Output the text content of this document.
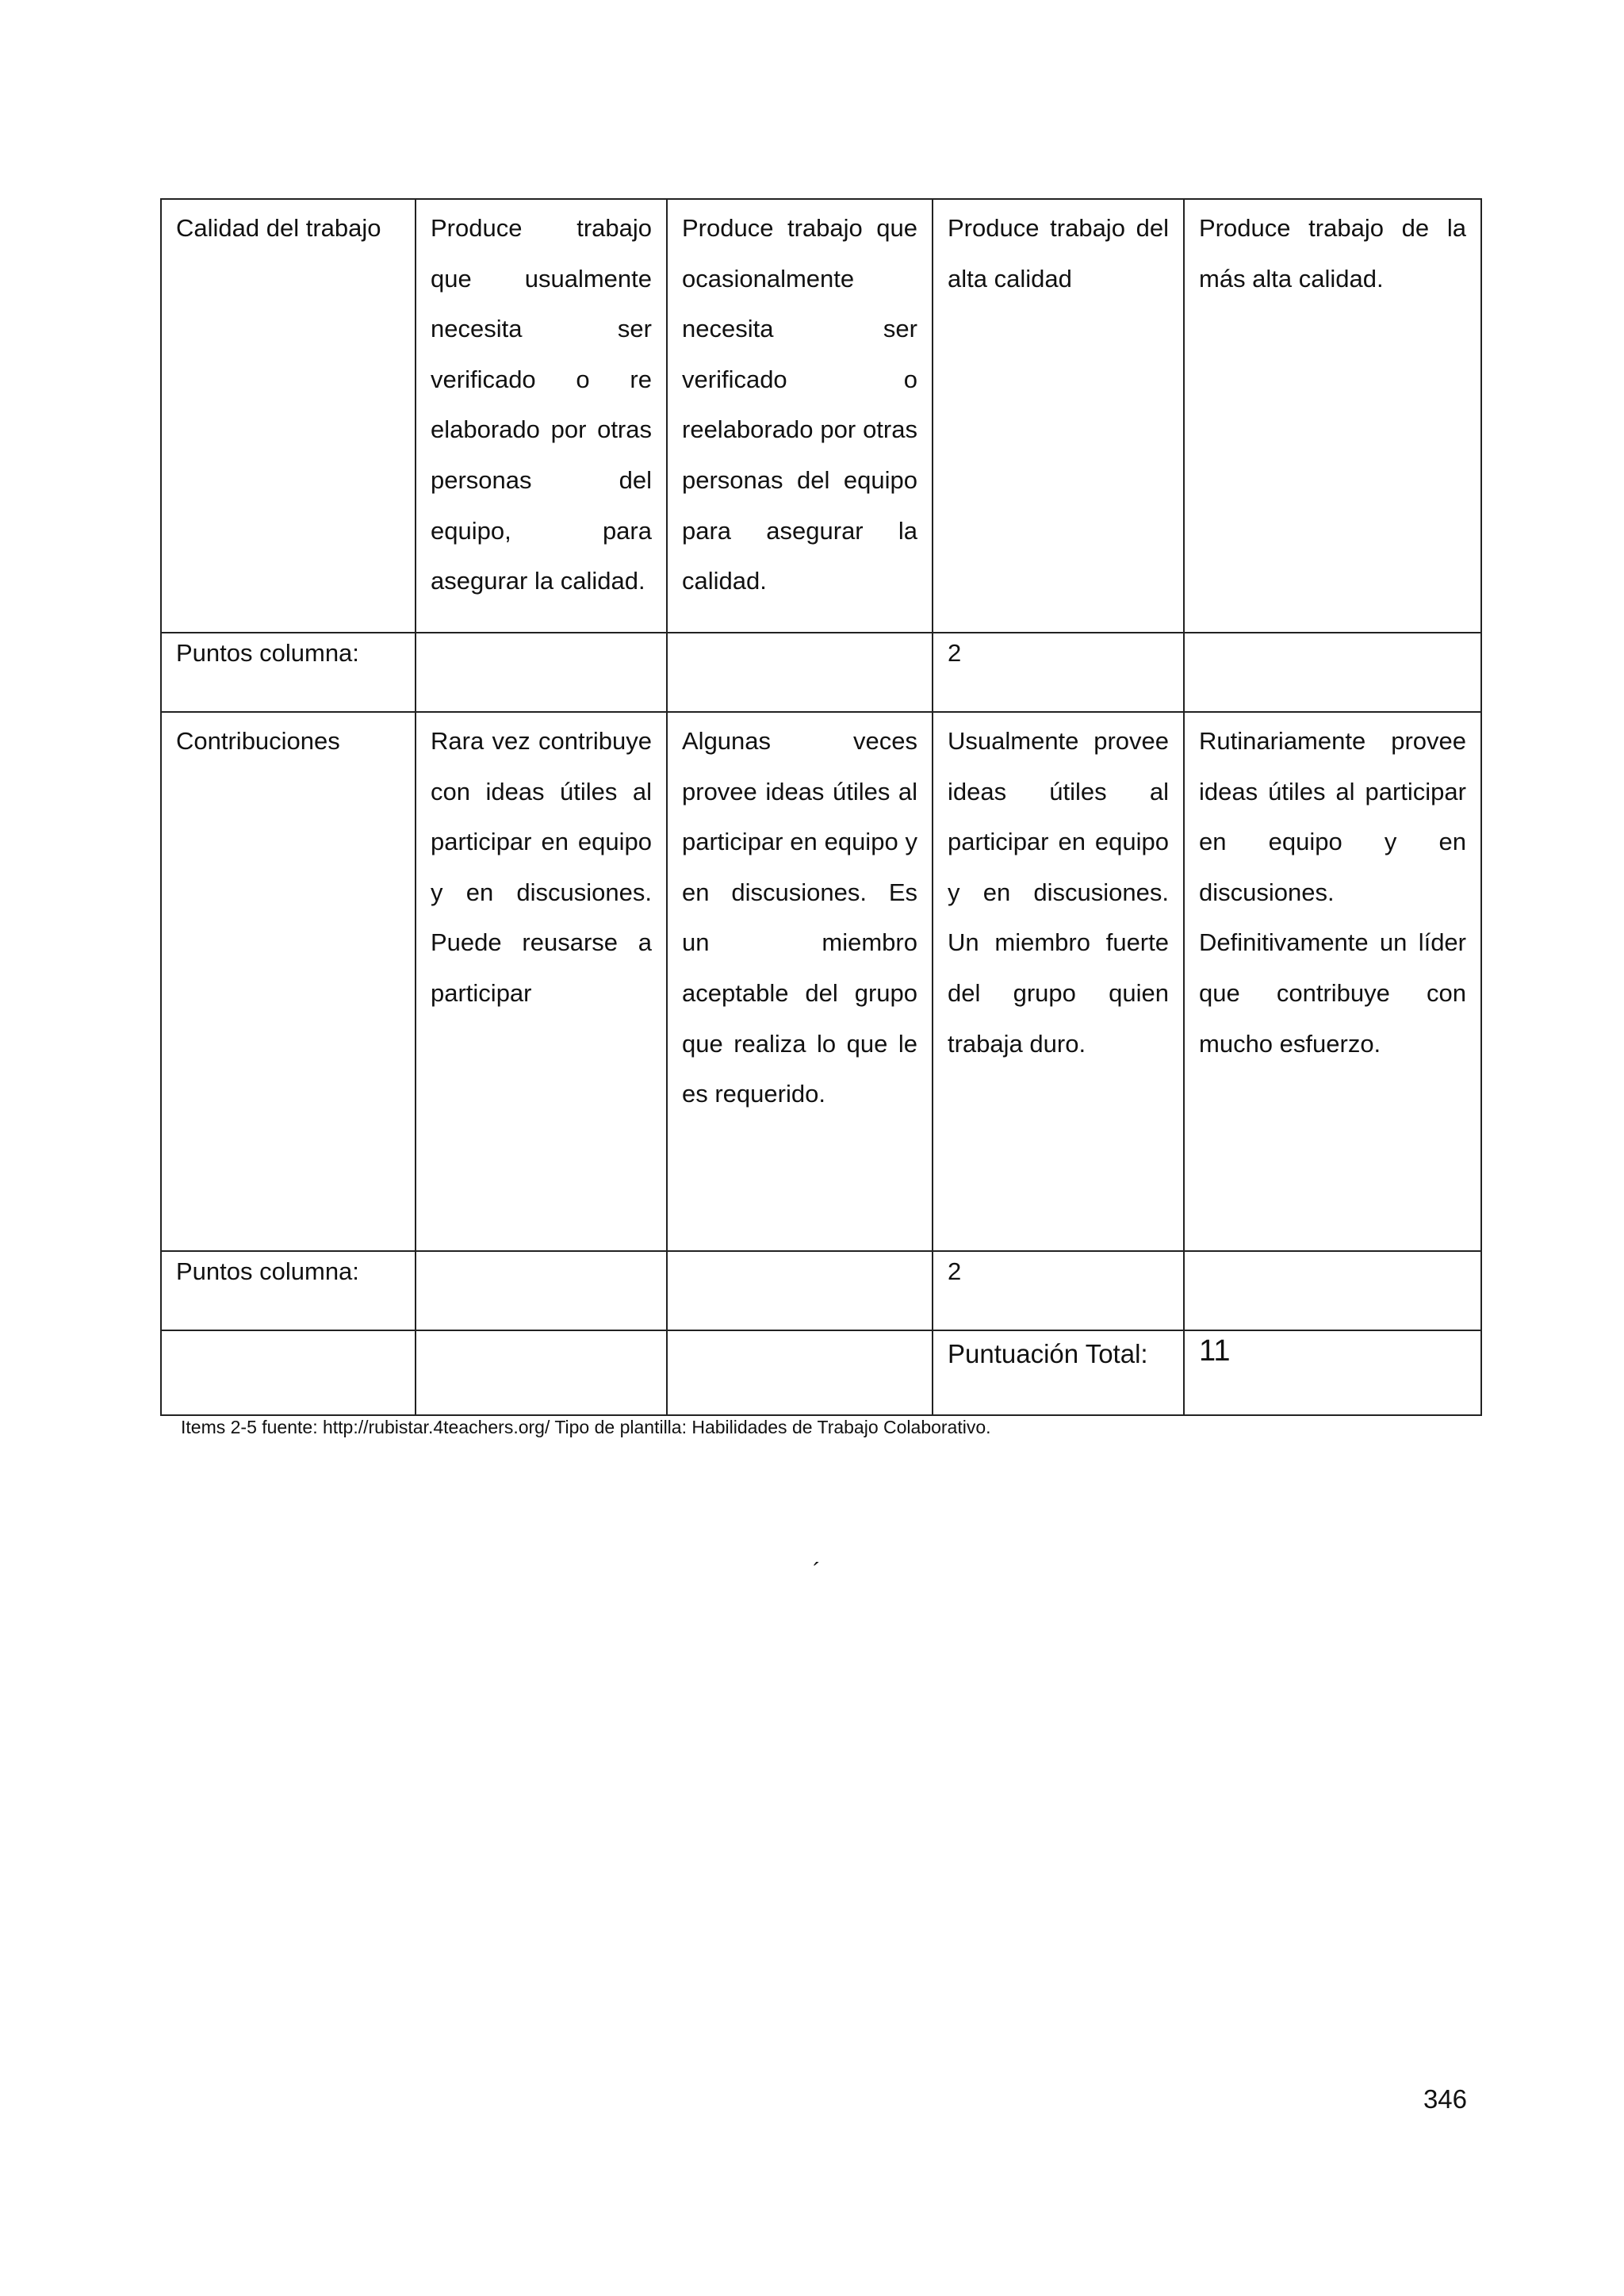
Calidad del trabajo	Produce trabajo que usualmente necesita ser verificado o re elaborado por otras personas del equipo, para asegurar la calidad.	Produce trabajo que ocasionalmente necesita ser verificado o reelaborado por otras personas del equipo para asegurar la calidad.	Produce trabajo del alta calidad	Produce trabajo de la más alta calidad.
Puntos columna:			2	
Contribuciones	Rara vez contribuye con ideas útiles al participar en equipo y en discusiones. Puede reusarse a participar	Algunas veces provee ideas útiles al participar en equipo y en discusiones. Es un miembro aceptable del grupo que realiza lo que le es requerido.	Usualmente provee ideas útiles al participar en equipo y en discusiones. Un miembro fuerte del grupo quien trabaja duro.	Rutinariamente provee ideas útiles al participar en equipo y en discusiones. Definitivamente un líder que contribuye con mucho esfuerzo.
Puntos columna:			2	
			Puntuación Total:	11
Items 2-5 fuente: http://rubistar.4teachers.org/ Tipo de plantilla: Habilidades de Trabajo Colaborativo.
´
346
